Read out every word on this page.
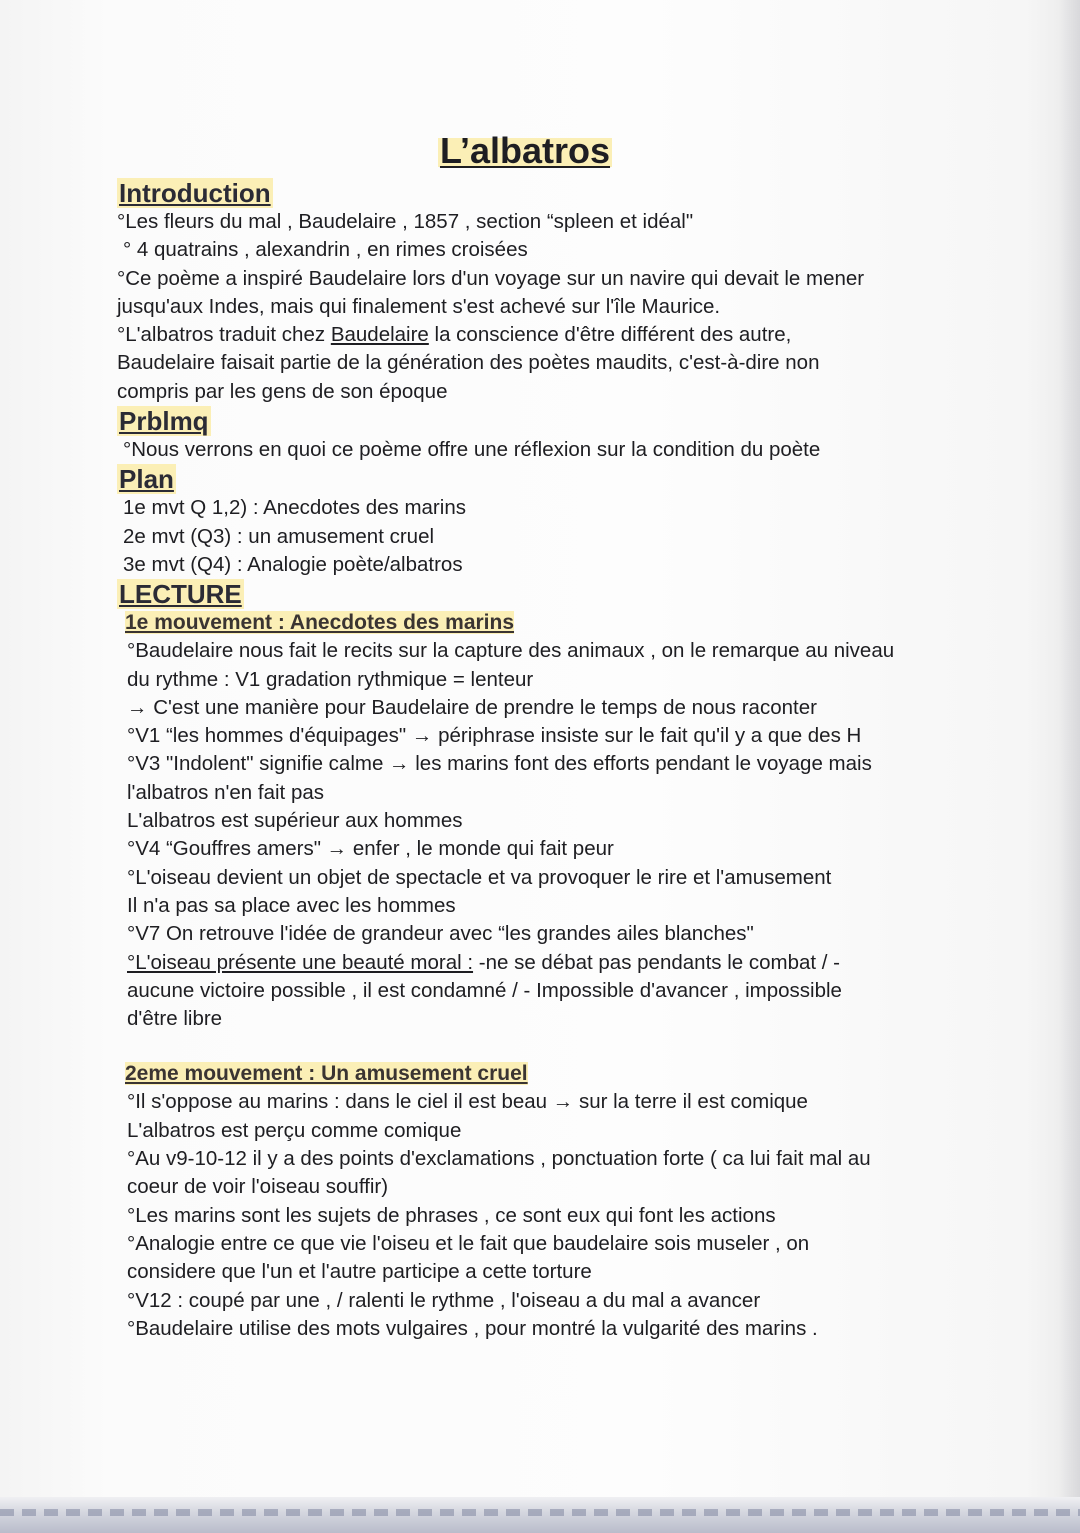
L’albatros
Introduction
°Les fleurs du mal , Baudelaire , 1857 , section “spleen et idéal"
° 4 quatrains , alexandrin , en rimes croisées
°Ce poème a inspiré Baudelaire lors d'un voyage sur un navire qui devait le mener
jusqu'aux Indes, mais qui finalement s'est achevé sur l'île Maurice.
°L'albatros traduit chez Baudelaire la conscience d'être différent des autre,
Baudelaire faisait partie de la génération des poètes maudits, c'est-à-dire non
compris par les gens de son époque
Prblmq
°Nous verrons en quoi ce poème offre une réflexion sur la condition du poète
Plan
1e mvt Q 1,2) : Anecdotes des marins
2e mvt (Q3) : un amusement cruel
3e mvt (Q4) : Analogie poète/albatros
LECTURE
1e mouvement : Anecdotes des marins
°Baudelaire nous fait le recits sur la capture des animaux , on le remarque au niveau
du rythme : V1 gradation rythmique = lenteur
→ C'est une manière pour Baudelaire de prendre le temps de nous raconter
°V1 “les hommes d'équipages" → périphrase insiste sur le fait qu'il y a que des H
°V3 "Indolent" signifie calme → les marins font des efforts pendant le voyage mais
l'albatros n'en fait pas
L'albatros est supérieur aux hommes
°V4 “Gouffres amers" → enfer , le monde qui fait peur
°L'oiseau devient un objet de spectacle et va provoquer le rire et l'amusement
Il n'a pas sa place avec les hommes
°V7 On retrouve l'idée de grandeur avec “les grandes ailes blanches"
°L'oiseau présente une beauté moral : -ne se débat pas pendants le combat / -
aucune victoire possible , il est condamné / - Impossible d'avancer , impossible
d'être libre
2eme mouvement : Un amusement cruel
°Il s'oppose au marins : dans le ciel il est beau → sur la terre il est comique
L'albatros est perçu comme comique
°Au v9-10-12 il y a des points d'exclamations , ponctuation forte ( ca lui fait mal au
coeur de voir l'oiseau souffir)
°Les marins sont les sujets de phrases , ce sont eux qui font les actions
°Analogie entre ce que vie l'oiseu et le fait que baudelaire sois museler , on
considere que l'un et l'autre participe a cette torture
°V12 : coupé par une , / ralenti le rythme , l'oiseau a du mal a avancer
°Baudelaire utilise des mots vulgaires , pour montré la vulgarité des marins .
